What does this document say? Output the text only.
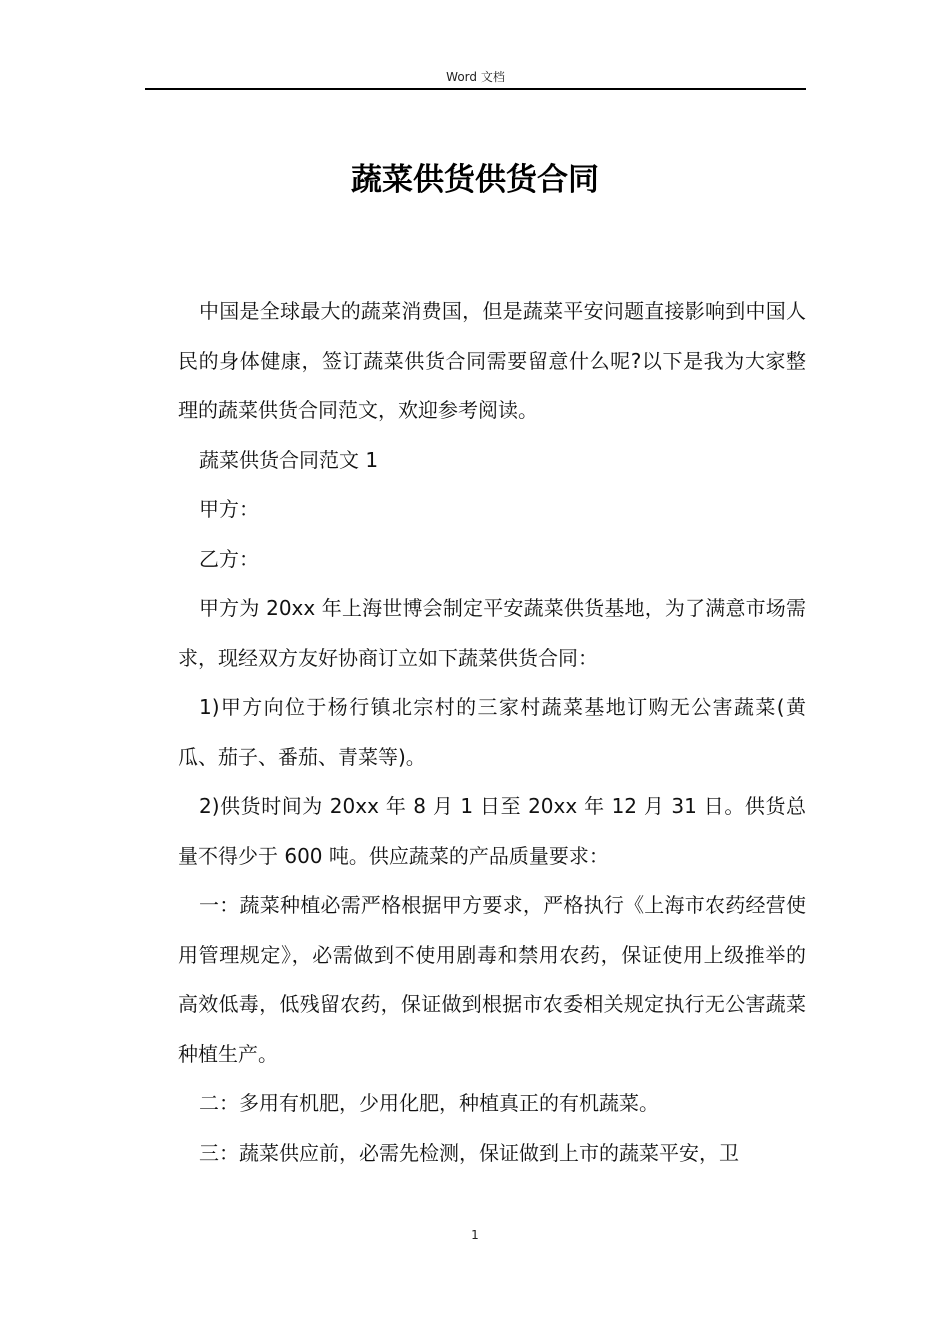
Word 文档
蔬菜供货供货合同

中国是全球最大的蔬菜消费国，但是蔬菜平安问题直接影响到中国人民的身体健康，签订蔬菜供货合同需要留意什么呢?以下是我为大家整理的蔬菜供货合同范文，欢迎参考阅读。

蔬菜供货合同范文 1

甲方：

乙方：

甲方为 20xx 年上海世博会制定平安蔬菜供货基地，为了满意市场需求，现经双方友好协商订立如下蔬菜供货合同：

1)甲方向位于杨行镇北宗村的三家村蔬菜基地订购无公害蔬菜(黄瓜、茄子、番茄、青菜等)。

2)供货时间为 20xx 年 8 月 1 日至 20xx 年 12 月 31 日。供货总量不得少于 600 吨。供应蔬菜的产品质量要求：

一：蔬菜种植必需严格根据甲方要求，严格执行《上海市农药经营使用管理规定》，必需做到不使用剧毒和禁用农药，保证使用上级推举的高效低毒，低残留农药，保证做到根据市农委相关规定执行无公害蔬菜种植生产。

二：多用有机肥，少用化肥，种植真正的有机蔬菜。

三：蔬菜供应前，必需先检测，保证做到上市的蔬菜平安，卫

1
